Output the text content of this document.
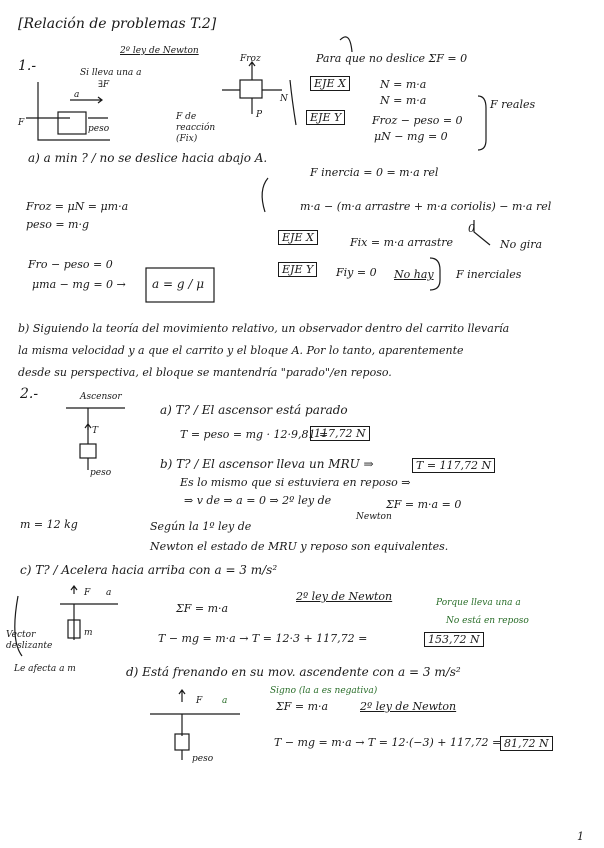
[Relación de problemas T.2]
1
1.-
2º ley de Newton
Si lleva una a
∃F
F
a
peso
Froz
N
P
F de reacción (Fix)
Para que no deslice ΣF = 0
EJE X	N = m·a
N = m·a
EJE Y	Froz − peso = 0
μN − mg = 0
F reales
F inercia = 0 = m·a rel
m·a − (m·a arrastre + m·a coriolis) − m·a rel
0
No gira
EJE X	Fix = m·a arrastre
EJE Y	Fiy = 0 No hay F inerciales
a) a min ? / no se deslice hacia abajo A.
Froz = μN = μm·a
peso = m·g
Fro − peso = 0
μma − mg = 0 → a = g / μ
b) Siguiendo la teoría del movimiento relativo, un observador dentro del carrito llevaría
la misma velocidad y a que el carrito y el bloque A. Por lo tanto, aparentemente
desde su perspectiva, el bloque se mantendría "parado"/en reposo.
2.-	Ascensor
T
peso
m = 12 kg
a) T? / El ascensor está parado
T = peso = mg · 12·9,81 =
117,72 N
b) T? / El ascensor lleva un MRU ⇒	T = 117,72 N
Es lo mismo que si estuviera en reposo ⇒
⇒ v de ⇒ a = 0 ⇒ 2º ley de
Newton
ΣF = m·a = 0
Según la 1º ley de
Newton el estado de MRU y reposo son equivalentes.
c) T? / Acelera hacia arriba con a = 3 m/s²
F a
m
Vector deslizante
Le afecta a m
ΣF = m·a
2º ley de Newton	Porque lleva una a
No está en reposo
T − mg = m·a → T = 12·3 + 117,72 =	153,72 N
d) Está frenando en su mov. ascendente con a = 3 m/s²
Signo (la a es negativa)
F a
peso
ΣF = m·a	2º ley de Newton
T − mg = m·a → T = 12·(−3) + 117,72 = 81,72 N
